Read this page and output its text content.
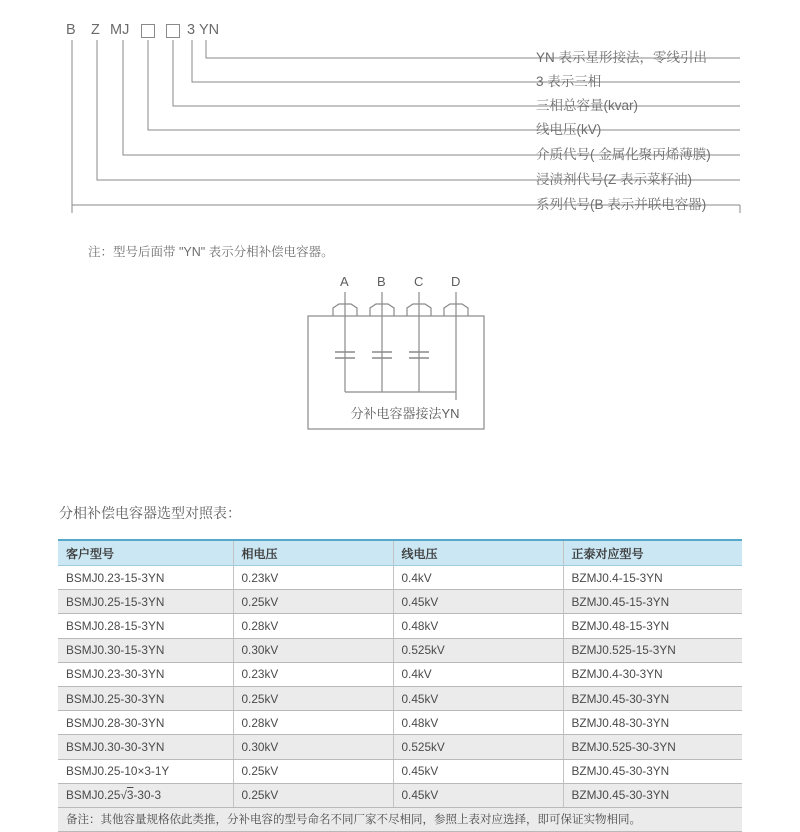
B Z MJ	3 YN
YN 表示星形接法，零线引出
3 表示三相
三相总容量(kvar)
线电压(kV)
介质代号( 金属化聚丙烯薄膜)
浸渍剂代号(Z 表示菜籽油)
系列代号(B 表示并联电容器)
注：型号后面带 "YN" 表示分相补偿电容器。
A B C D
分补电容器接法YN
分相补偿电容器选型对照表：
客户型号	相电压	线电压	正泰对应型号
BSMJ0.23-15-3YN	0.23kV	0.4kV	BZMJ0.4-15-3YN
BSMJ0.25-15-3YN	0.25kV	0.45kV	BZMJ0.45-15-3YN
BSMJ0.28-15-3YN	0.28kV	0.48kV	BZMJ0.48-15-3YN
BSMJ0.30-15-3YN	0.30kV	0.525kV	BZMJ0.525-15-3YN
BSMJ0.23-30-3YN	0.23kV	0.4kV	BZMJ0.4-30-3YN
BSMJ0.25-30-3YN	0.25kV	0.45kV	BZMJ0.45-30-3YN
BSMJ0.28-30-3YN	0.28kV	0.48kV	BZMJ0.48-30-3YN
BSMJ0.30-30-3YN	0.30kV	0.525kV	BZMJ0.525-30-3YN
BSMJ0.25-10×3-1Y	0.25kV	0.45kV	BZMJ0.45-30-3YN
BSMJ0.25√3-30-3	0.25kV	0.45kV	BZMJ0.45-30-3YN
备注：其他容量规格依此类推，分补电容的型号命名不同厂家不尽相同，参照上表对应选择，即可保证实物相同。			
